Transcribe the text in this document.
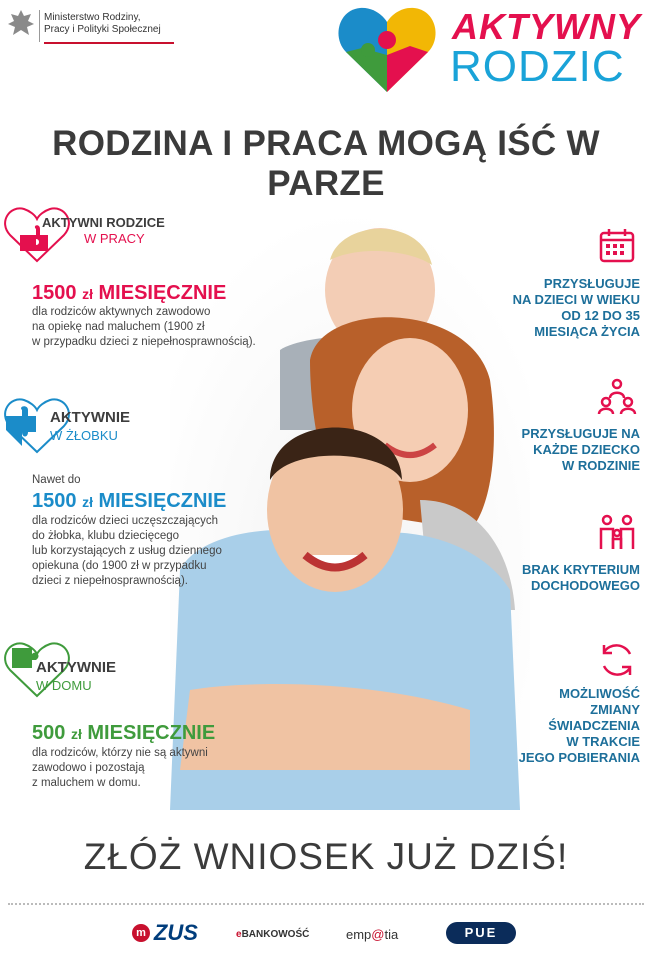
Ministerstwo Rodziny,
Pracy i Polityki Społecznej	AKTYWNY
RODZIC
RODZINA I PRACA MOGĄ IŚĆ W PARZE
AKTYWNI RODZICE
W PRACY
1500 zł MIESIĘCZNIE
dla rodziców aktywnych zawodowo
na opiekę nad maluchem (1900 zł
w przypadku dzieci z niepełnosprawnością).
AKTYWNIE
W ŻŁOBKU
Nawet do
1500 zł MIESIĘCZNIE
dla rodziców dzieci uczęszczających
do żłobka, klubu dziecięcego
lub korzystających z usług dziennego
opiekuna (do 1900 zł w przypadku
dzieci z niepełnosprawnością).
AKTYWNIE
W DOMU
500 zł MIESIĘCZNIE
dla rodziców, którzy nie są aktywni
zawodowo i pozostają
z maluchem w domu.
PRZYSŁUGUJE
NA DZIECI W WIEKU
OD 12 DO 35
MIESIĄCA ŻYCIA
PRZYSŁUGUJE NA
KAŻDE DZIECKO
W RODZINIE
BRAK KRYTERIUM
DOCHODOWEGO
MOŻLIWOŚĆ
ZMIANY
ŚWIADCZENIA
W TRAKCIE
JEGO POBIERANIA
ZŁÓŻ WNIOSEK JUŻ DZIŚ!
m ZUS	eBANKOWOŚĆ	emp@tia	PUE
